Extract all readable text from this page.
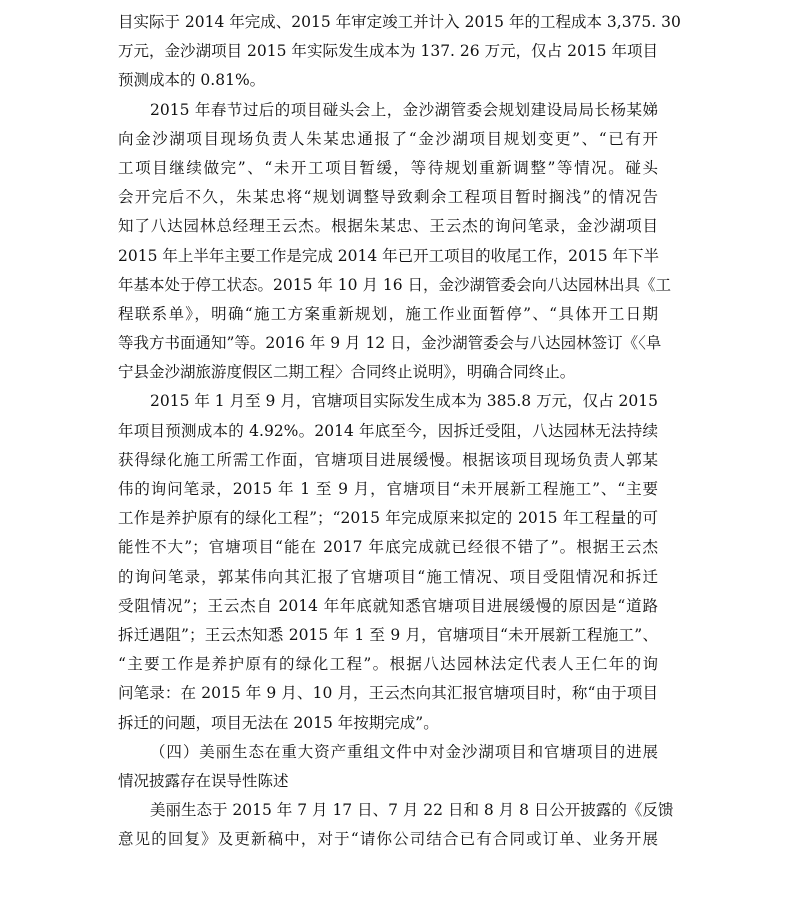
目实际于 2014 年完成、2015 年审定竣工并计入 2015 年的工程成本 3,375. 30
万元，金沙湖项目 2015 年实际发生成本为 137. 26 万元，仅占 2015 年项目
预测成本的 0.81%。
2015 年春节过后的项目碰头会上，金沙湖管委会规划建设局局长杨某娣
向金沙湖项目现场负责人朱某忠通报了“金沙湖项目规划变更”、“已有开
工项目继续做完”、“未开工项目暂缓，等待规划重新调整”等情况。碰头
会开完后不久，朱某忠将“规划调整导致剩余工程项目暂时搁浅”的情况告
知了八达园林总经理王云杰。根据朱某忠、王云杰的询问笔录，金沙湖项目
2015 年上半年主要工作是完成 2014 年已开工项目的收尾工作，2015 年下半
年基本处于停工状态。2015 年 10 月 16 日，金沙湖管委会向八达园林出具《工
程联系单》，明确“施工方案重新规划，施工作业面暂停”、“具体开工日期
等我方书面通知”等。2016 年 9 月 12 日，金沙湖管委会与八达园林签订《〈阜
宁县金沙湖旅游度假区二期工程〉合同终止说明》，明确合同终止。
2015 年 1 月至 9 月，官塘项目实际发生成本为 385.8 万元，仅占 2015
年项目预测成本的 4.92%。2014 年底至今，因拆迁受阻，八达园林无法持续
获得绿化施工所需工作面，官塘项目进展缓慢。根据该项目现场负责人郭某
伟的询问笔录，2015 年 1 至 9 月，官塘项目“未开展新工程施工”、“主要
工作是养护原有的绿化工程”；“2015 年完成原来拟定的 2015 年工程量的可
能性不大”；官塘项目“能在 2017 年底完成就已经很不错了”。根据王云杰
的询问笔录，郭某伟向其汇报了官塘项目“施工情况、项目受阻情况和拆迁
受阻情况”；王云杰自 2014 年年底就知悉官塘项目进展缓慢的原因是“道路
拆迁遇阻”；王云杰知悉 2015 年 1 至 9 月，官塘项目“未开展新工程施工”、
“主要工作是养护原有的绿化工程”。根据八达园林法定代表人王仁年的询
问笔录：在 2015 年 9 月、10 月，王云杰向其汇报官塘项目时，称“由于项目
拆迁的问题，项目无法在 2015 年按期完成”。
（四）美丽生态在重大资产重组文件中对金沙湖项目和官塘项目的进展
情况披露存在误导性陈述
美丽生态于 2015 年 7 月 17 日、7 月 22 日和 8 月 8 日公开披露的《反馈
意见的回复》及更新稿中，对于“请你公司结合已有合同或订单、业务开展
